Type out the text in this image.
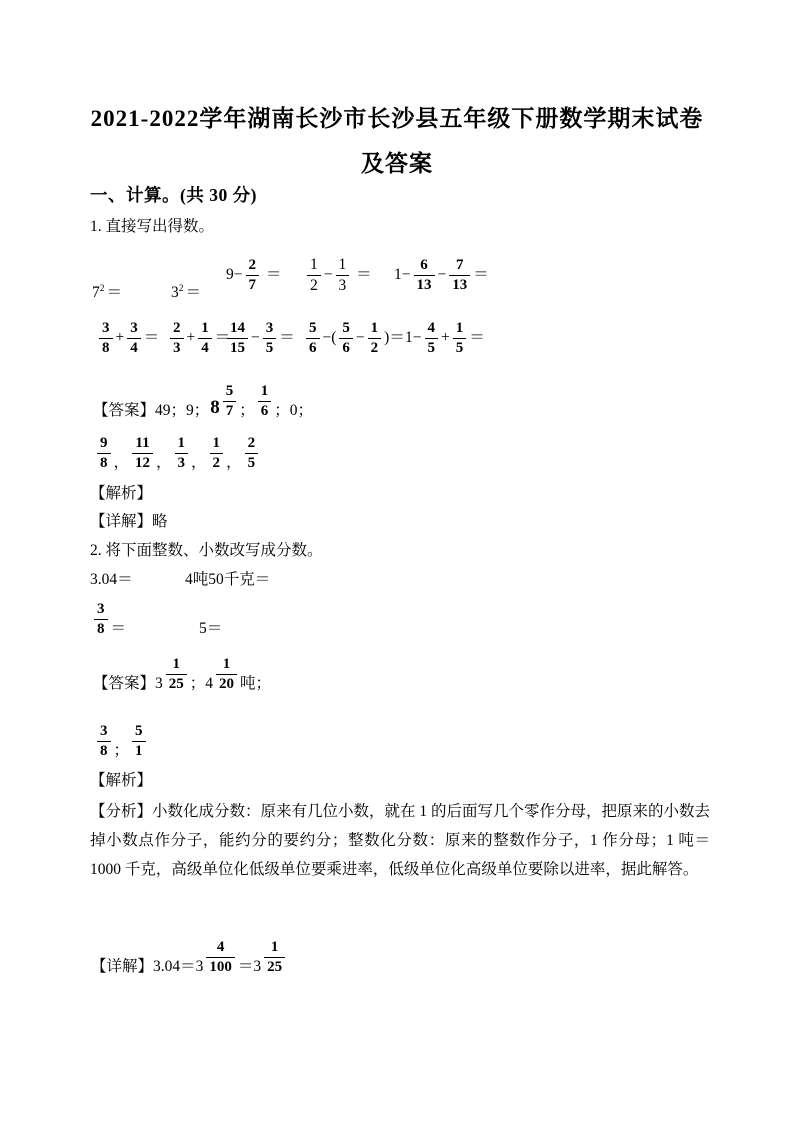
2021-2022学年湖南长沙市长沙县五年级下册数学期末试卷
及答案
一、计算。(共 30 分)
1. 直接写出得数。
$7^2$ ＝	$3^2$ ＝
$9- \frac{2}{7} = \frac{1}{2} - \frac{1}{3} = 1- \frac{6}{13} - \frac{7}{13}$ ＝
$\frac{3}{8} + \frac{3}{4} = \frac{2}{3} + \frac{1}{4}$ ＝
$\frac{14}{15} - \frac{3}{5} = \frac{5}{6}$ −( $\frac{5}{6} - \frac{1}{2}$ )＝ $1- \frac{4}{5} + \frac{1}{5}$ ＝
【答案】49；9； $8 \frac{5}{7}$ ； $\frac{1}{6}$ ；0；
$\frac{9}{8}$ ， $\frac{11}{12}$ ， $\frac{1}{3}$ ， $\frac{1}{2}$ ， $\frac{2}{5}$
【解析】
【详解】略
2. 将下面整数、小数改写成分数。
3.04＝	4吨50千克＝
$\frac{3}{8}$ ＝	5＝
【答案】$3 \frac{1}{25}$ ；$4 \frac{1}{20}$ 吨；
$\frac{3}{8}$ ； $\frac{5}{1}$
【解析】
【分析】小数化成分数：原来有几位小数，就在 1 的后面写几个零作分母，把原来的小数去掉小数点作分子，能约分的要约分；整数化分数：原来的整数作分子，1 作分母；1 吨＝1000 千克，高级单位化低级单位要乘进率，低级单位化高级单位要除以进率，据此解答。
【详解】$3.04=3 \frac{4}{100} =3 \frac{1}{25}$
